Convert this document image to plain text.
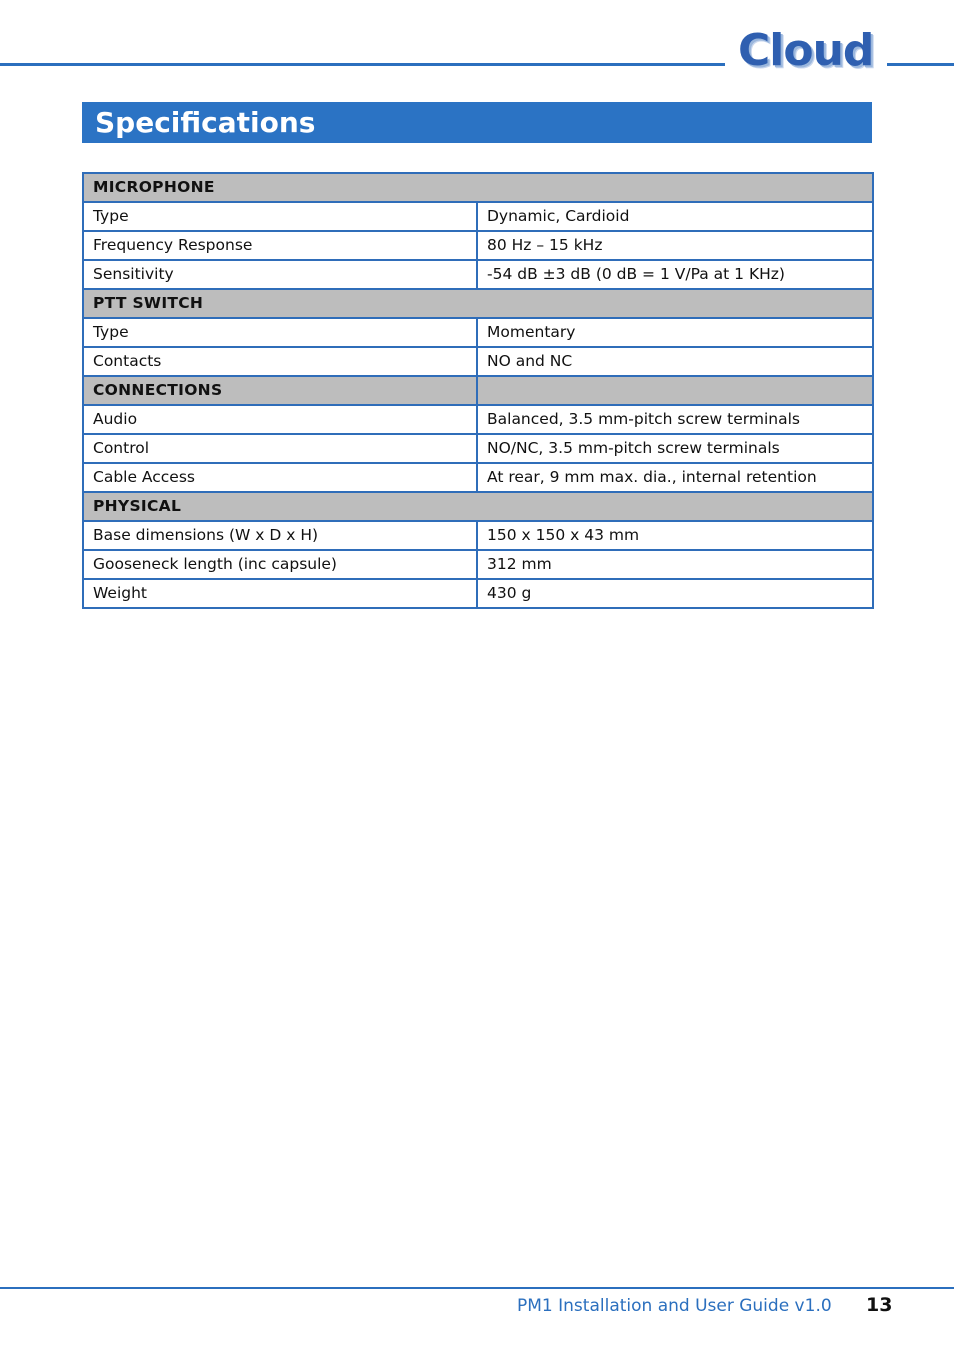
Cloud
Specifications
MICROPHONE	
Type	Dynamic, Cardioid
Frequency Response	80 Hz – 15 kHz
Sensitivity	-54 dB ±3 dB (0 dB = 1 V/Pa at 1 KHz)
PTT SWITCH	
Type	Momentary
Contacts	NO and NC
CONNECTIONS	
Audio	Balanced, 3.5 mm-pitch screw terminals
Control	NO/NC, 3.5 mm-pitch screw terminals
Cable Access	At rear, 9 mm max. dia., internal retention
PHYSICAL	
Base dimensions (W x D x H)	150 x 150 x 43 mm
Gooseneck length (inc capsule)	312 mm
Weight	430 g
PM1 Installation and User Guide v1.0 13
